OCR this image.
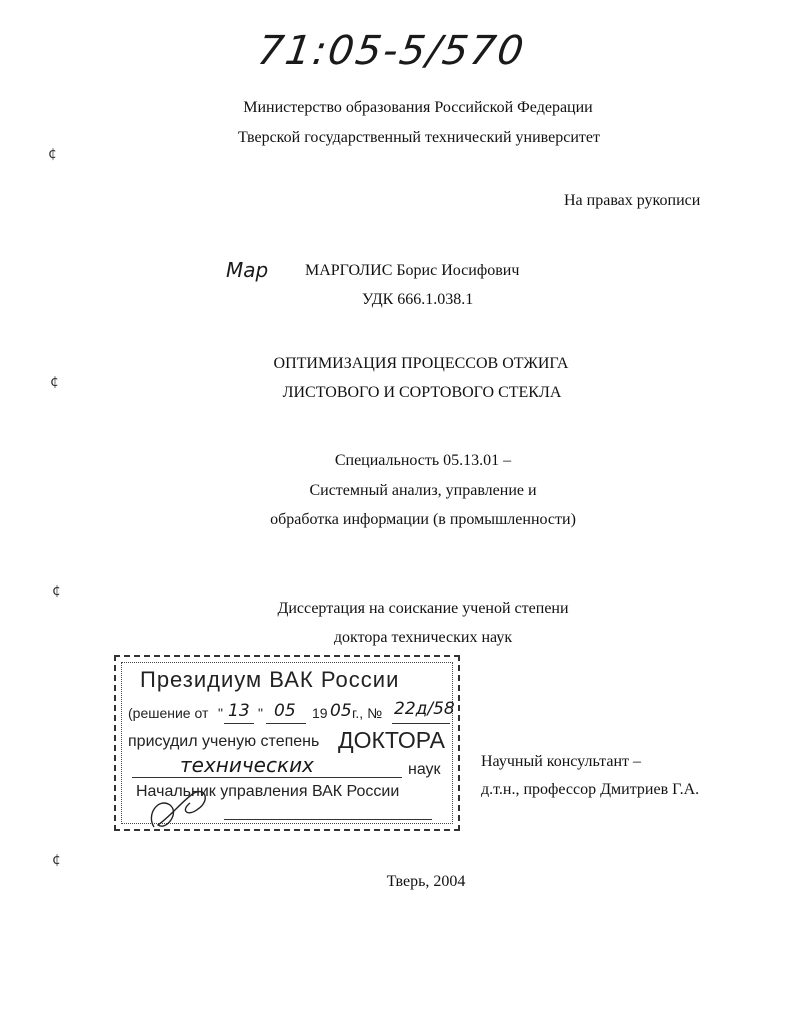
71:05-5/570
Министерство образования Российской Федерации
Тверской государственный технический университет
На правах рукописи
¢
¢
¢
¢
Мар МАРГОЛИС Борис Иосифович
УДК 666.1.038.1
ОПТИМИЗАЦИЯ ПРОЦЕССОВ ОТЖИГА
ЛИСТОВОГО И СОРТОВОГО СТЕКЛА
Специальность 05.13.01 –
Системный анализ, управление и
обработка информации (в промышленности)
Диссертация на соискание ученой степени
доктора технических наук
Президиум ВАК России
(решение от " 13 " 05 19 05 г., № 22д/58
присудил ученую степень ДОКТОРА
технических	наук
Начальник управления ВАК России
Научный консультант –
д.т.н., профессор Дмитриев Г.А.
Тверь, 2004
